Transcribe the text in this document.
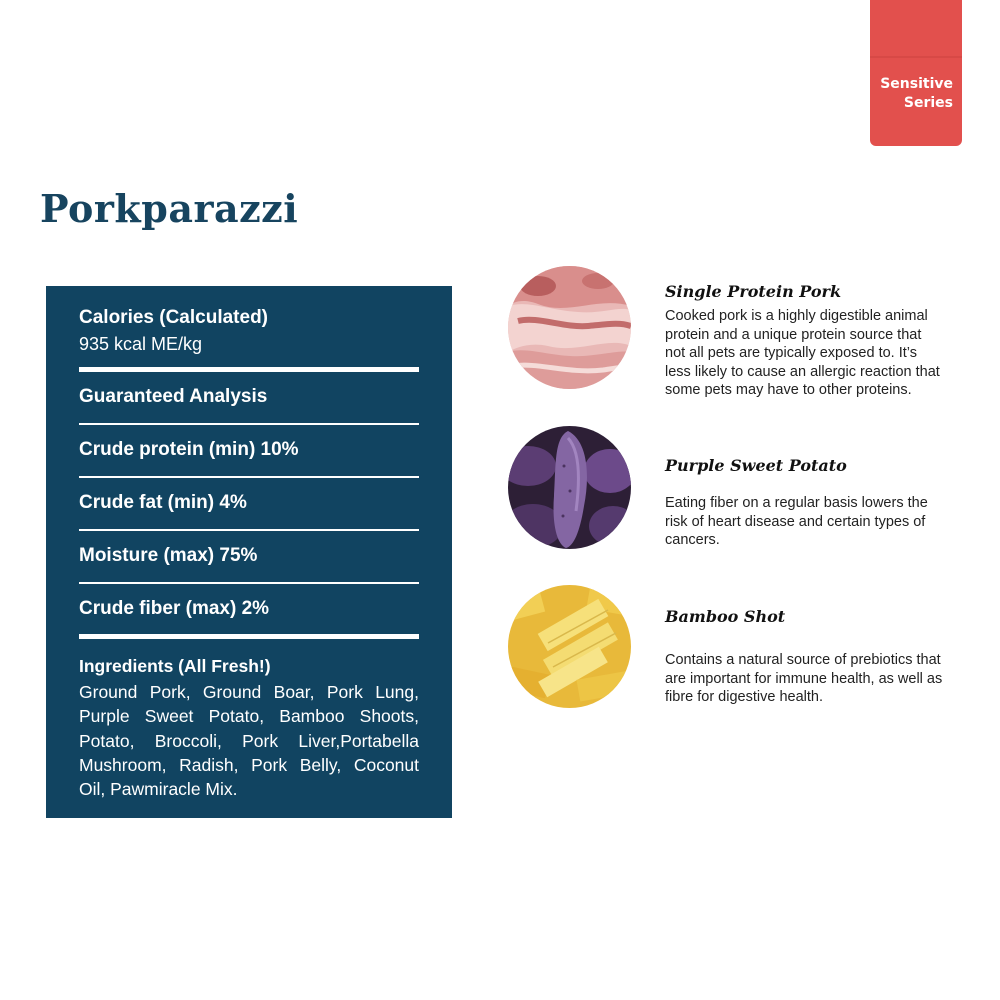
Sensitive
Series
Porkparazzi
Calories (Calculated)
935 kcal ME/kg
Guaranteed Analysis
Crude protein (min) 10%
Crude fat (min) 4%
Moisture (max) 75%
Crude fiber (max) 2%
Ingredients (All Fresh!)
Ground Pork, Ground Boar, Pork Lung, Purple Sweet Potato, Bamboo Shoots, Potato, Broccoli, Pork Liver,Portabella Mushroom, Radish, Pork Belly, Coconut Oil, Pawmiracle Mix.
Single Protein Pork

Cooked pork is a highly digestible animal protein and a unique protein source that not all pets are typically exposed to. It’s less likely to cause an allergic reaction that some pets may have to other proteins.

Purple Sweet Potato

Eating fiber on a regular basis lowers the risk of heart disease and certain types of cancers.

Bamboo Shot

Contains a natural source of prebiotics that are important for immune health, as well as fibre for digestive health.
